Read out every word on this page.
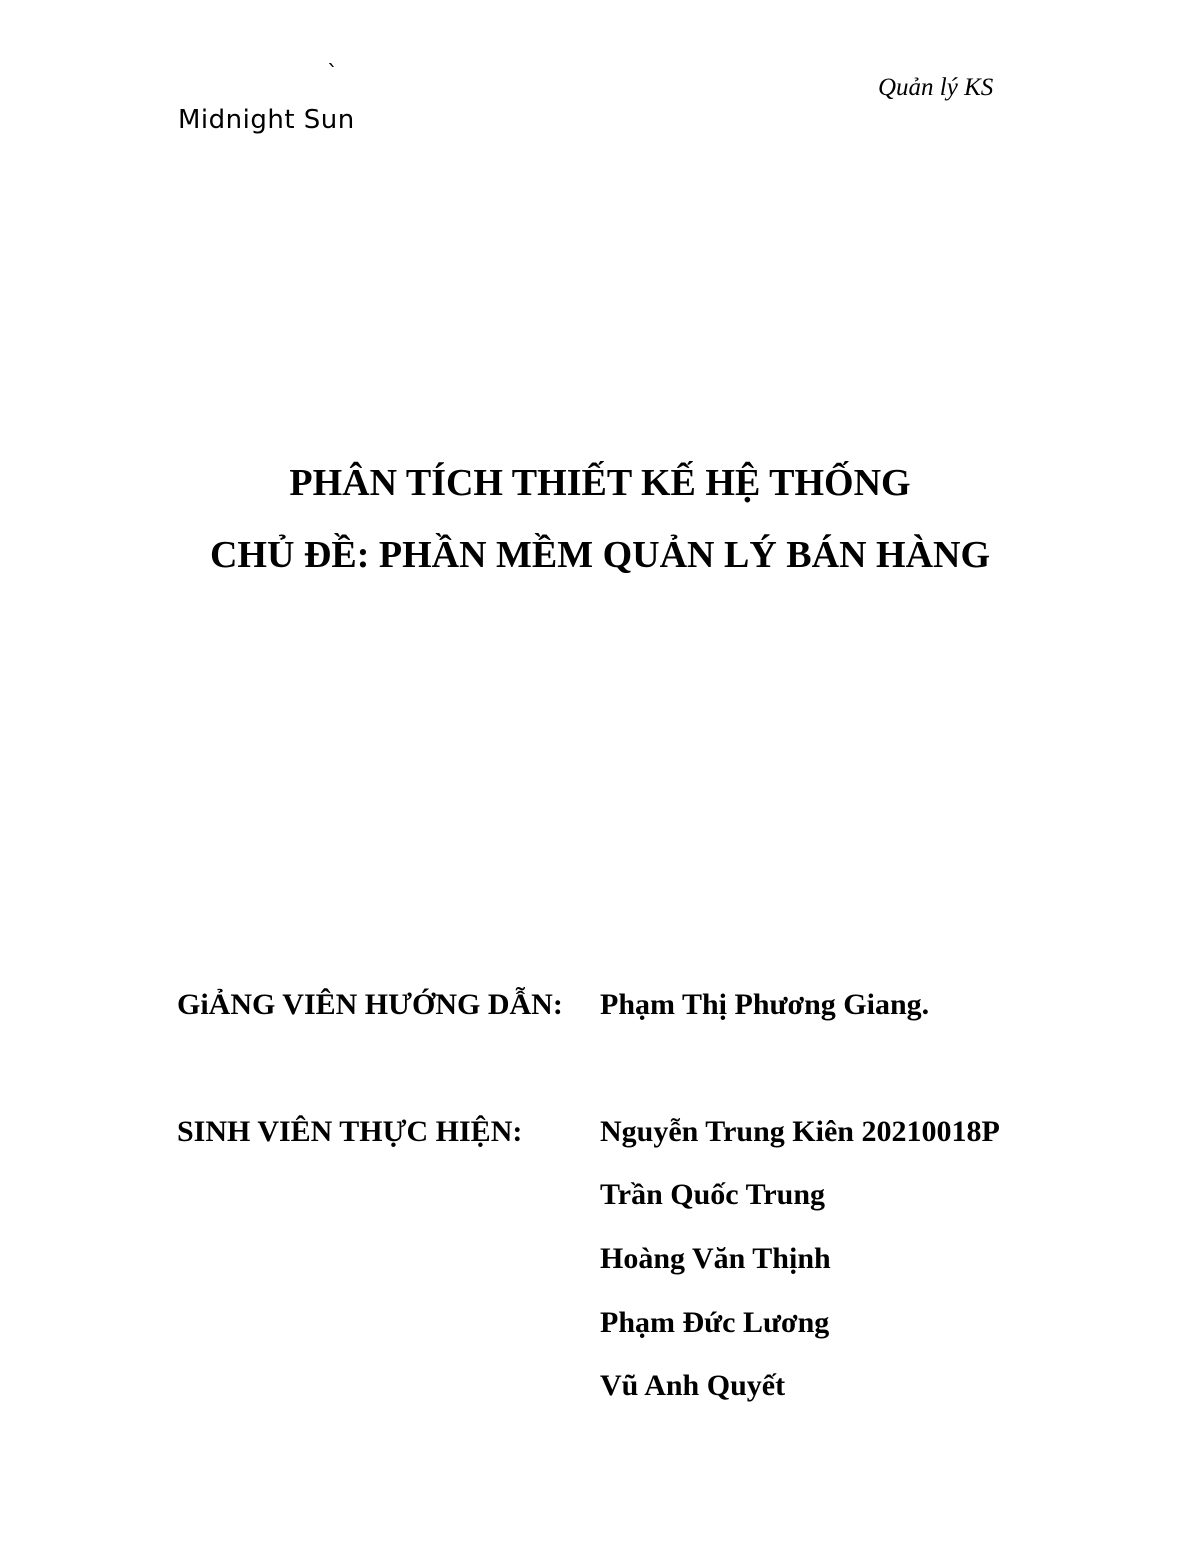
`
Midnight Sun
Quản lý KS
PHÂN TÍCH THIẾT KẾ HỆ THỐNG
CHỦ ĐỀ: PHẦN MỀM QUẢN LÝ BÁN HÀNG
GiẢNG VIÊN HƯỚNG DẪN: Phạm Thị Phương Giang.
SINH VIÊN THỰC HIỆN:	Nguyễn Trung Kiên 20210018P
Trần Quốc Trung
Hoàng Văn Thịnh
Phạm Đức Lương
Vũ Anh Quyết
